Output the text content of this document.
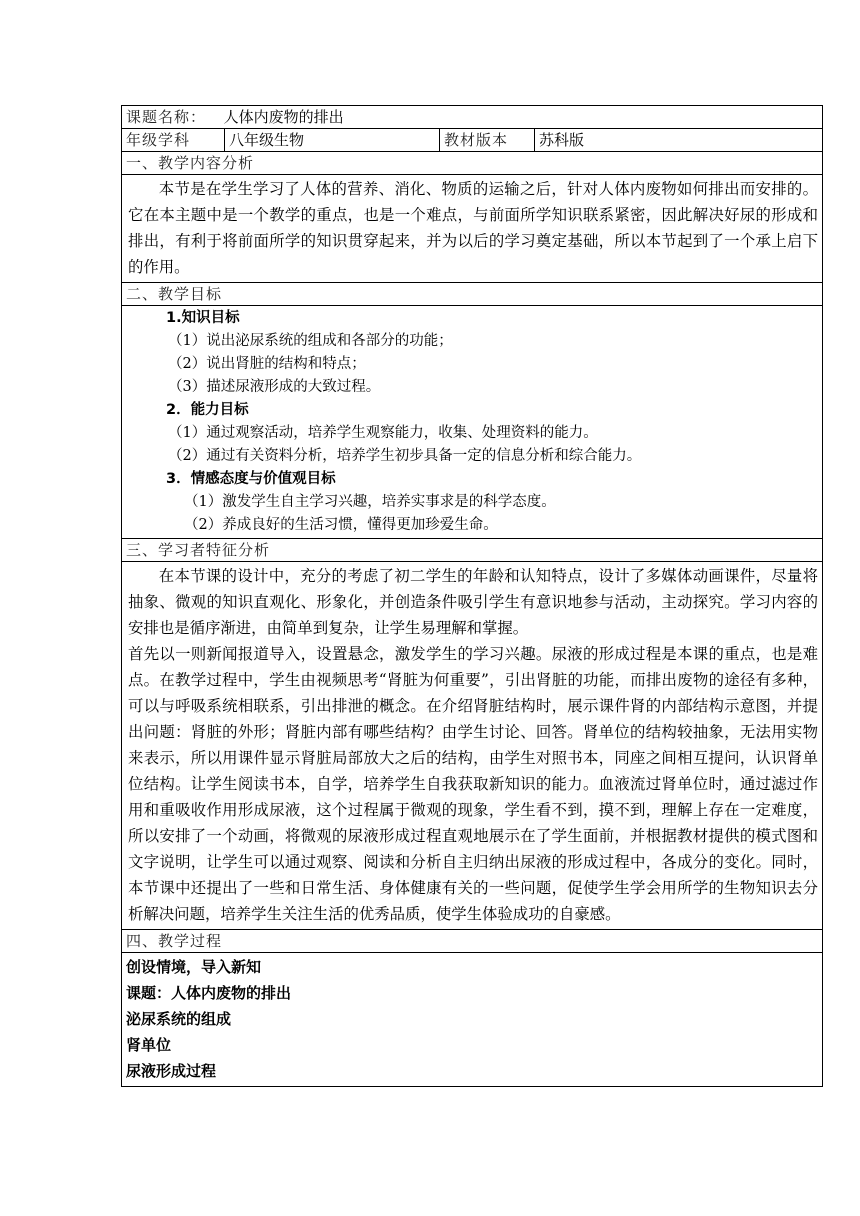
课题名称： 人体内废物的排出
年级学科	八年级生物	教材版本	苏科版
一、教学内容分析

本节是在学生学习了人体的营养、消化、物质的运输之后，针对人体内废物如何排出而安排的。它在本主题中是一个教学的重点，也是一个难点，与前面所学知识联系紧密，因此解决好尿的形成和排出，有利于将前面所学的知识贯穿起来，并为以后的学习奠定基础，所以本节起到了一个承上启下的作用。

二、教学目标

1.知识目标
（1）说出泌尿系统的组成和各部分的功能；
（2）说出肾脏的结构和特点；
（3）描述尿液形成的大致过程。
2．能力目标
（1）通过观察活动，培养学生观察能力，收集、处理资料的能力。
（2）通过有关资料分析，培养学生初步具备一定的信息分析和综合能力。
3．情感态度与价值观目标
（1）激发学生自主学习兴趣，培养实事求是的科学态度。
（2）养成良好的生活习惯，懂得更加珍爱生命。

三、学习者特征分析

在本节课的设计中，充分的考虑了初二学生的年龄和认知特点，设计了多媒体动画课件，尽量将抽象、微观的知识直观化、形象化，并创造条件吸引学生有意识地参与活动，主动探究。学习内容的安排也是循序渐进，由简单到复杂，让学生易理解和掌握。

首先以一则新闻报道导入，设置悬念，激发学生的学习兴趣。尿液的形成过程是本课的重点，也是难点。在教学过程中，学生由视频思考“肾脏为何重要”，引出肾脏的功能，而排出废物的途径有多种，可以与呼吸系统相联系，引出排泄的概念。在介绍肾脏结构时，展示课件肾的内部结构示意图，并提出问题：肾脏的外形；肾脏内部有哪些结构？由学生讨论、回答。肾单位的结构较抽象，无法用实物来表示，所以用课件显示肾脏局部放大之后的结构，由学生对照书本，同座之间相互提问，认识肾单位结构。让学生阅读书本，自学，培养学生自我获取新知识的能力。血液流过肾单位时，通过滤过作用和重吸收作用形成尿液，这个过程属于微观的现象，学生看不到，摸不到，理解上存在一定难度，所以安排了一个动画，将微观的尿液形成过程直观地展示在了学生面前，并根据教材提供的模式图和文字说明，让学生可以通过观察、阅读和分析自主归纳出尿液的形成过程中，各成分的变化。同时，本节课中还提出了一些和日常生活、身体健康有关的一些问题，促使学生学会用所学的生物知识去分析解决问题，培养学生关注生活的优秀品质，使学生体验成功的自豪感。

四、教学过程

创设情境，导入新知
课题：人体内废物的排出
泌尿系统的组成
肾单位
尿液形成过程
